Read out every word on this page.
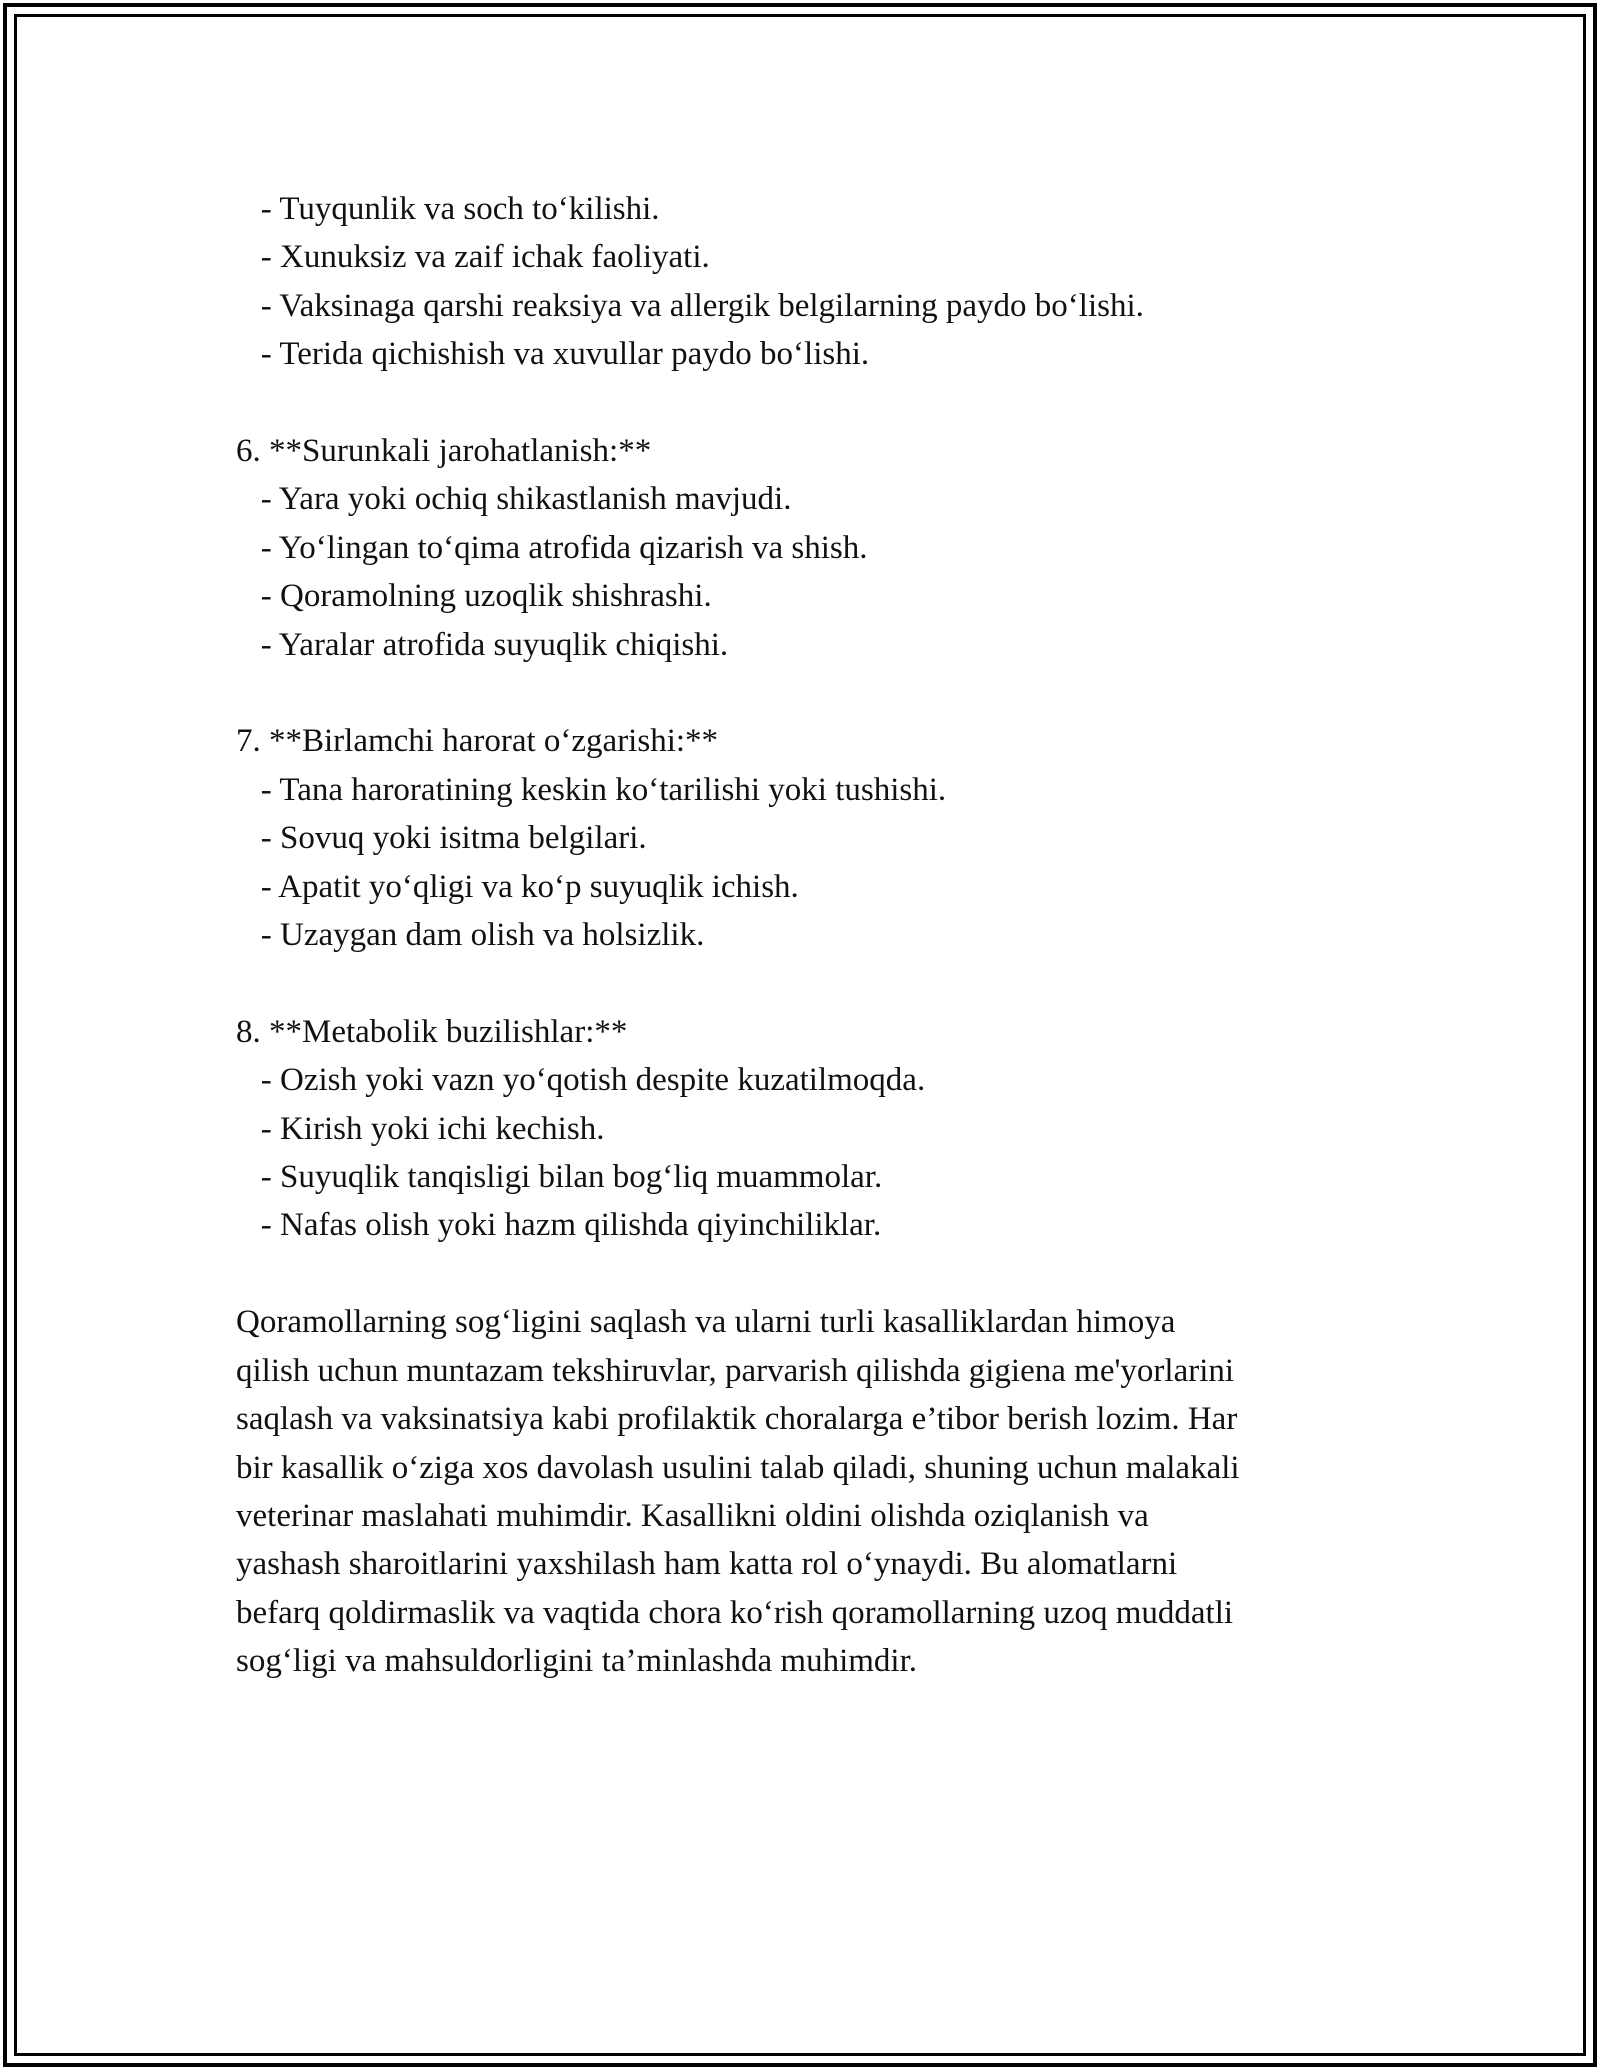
- Tuyqunlik va soch to‘kilishi.

- Xunuksiz va zaif ichak faoliyati.

- Vaksinaga qarshi reaksiya va allergik belgilarning paydo bo‘lishi.

- Terida qichishish va xuvullar paydo bo‘lishi.

6. **Surunkali jarohatlanish:**

- Yara yoki ochiq shikastlanish mavjudi.

- Yo‘lingan to‘qima atrofida qizarish va shish.

- Qoramolning uzoqlik shishrashi.

- Yaralar atrofida suyuqlik chiqishi.

7. **Birlamchi harorat o‘zgarishi:**

- Tana haroratining keskin ko‘tarilishi yoki tushishi.

- Sovuq yoki isitma belgilari.

- Apatit yo‘qligi va ko‘p suyuqlik ichish.

- Uzaygan dam olish va holsizlik.

8. **Metabolik buzilishlar:**

- Ozish yoki vazn yo‘qotish despite kuzatilmoqda.

- Kirish yoki ichi kechish.

- Suyuqlik tanqisligi bilan bog‘liq muammolar.

- Nafas olish yoki hazm qilishda qiyinchiliklar.

Qoramollarning sog‘ligini saqlash va ularni turli kasalliklardan himoya
qilish uchun muntazam tekshiruvlar, parvarish qilishda gigiena me'yorlarini
saqlash va vaksinatsiya kabi profilaktik choralarga e’tibor berish lozim. Har
bir kasallik o‘ziga xos davolash usulini talab qiladi, shuning uchun malakali
veterinar maslahati muhimdir. Kasallikni oldini olishda oziqlanish va
yashash sharoitlarini yaxshilash ham katta rol o‘ynaydi. Bu alomatlarni
befarq qoldirmaslik va vaqtida chora ko‘rish qoramollarning uzoq muddatli
sog‘ligi va mahsuldorligini ta’minlashda muhimdir.
